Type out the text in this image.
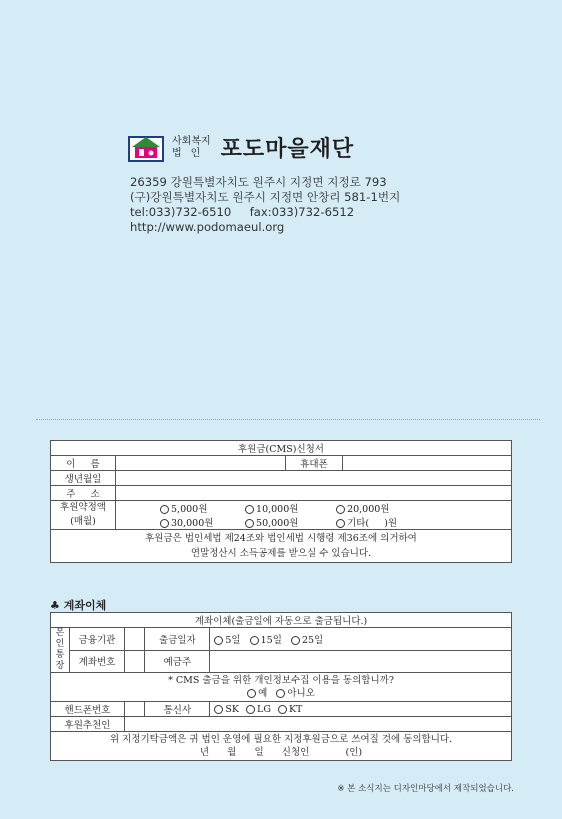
사회복지
법인 포도마을재단
26359 강원특별자치도 원주시 지정면 지정로 793
(구)강원특별자치도 원주시 지정면 안창리 581-1번지
tel:033)732-6510     fax:033)732-6512
http://www.podomaeul.org
후원금(CMS)신청서			
이     름		휴대폰	
생년월일			
주     소			

후원약정액
(매월)	5,000원 10,000원 20,000원		
	30,000원 50,000원 기타(     )원		

후원금은 법인세법 제24조와 법인세법 시행령 제36조에 의거하여
연말정산시 소득공제를 받으실 수 있습니다.			
♣ 계좌이체
계좌이체(출금일에 자동으로 출금됩니다.)				
본인통장	금융기관		출금일자	5일 15일 25일
	계좌번호		예금주	

* CMS 출금을 위한 개인정보수집 이용을 동의합니까?
예 아니오				

핸드폰번호			통신사	SK LG KT
후원추천인				

위 지정기탁금액은 귀 법인 운영에 필요한 지정후원금으로 쓰여질 것에 동의합니다.
년      월      일      신청인            (인)				
※ 본 소식지는 디자인마당에서 제작되었습니다.
